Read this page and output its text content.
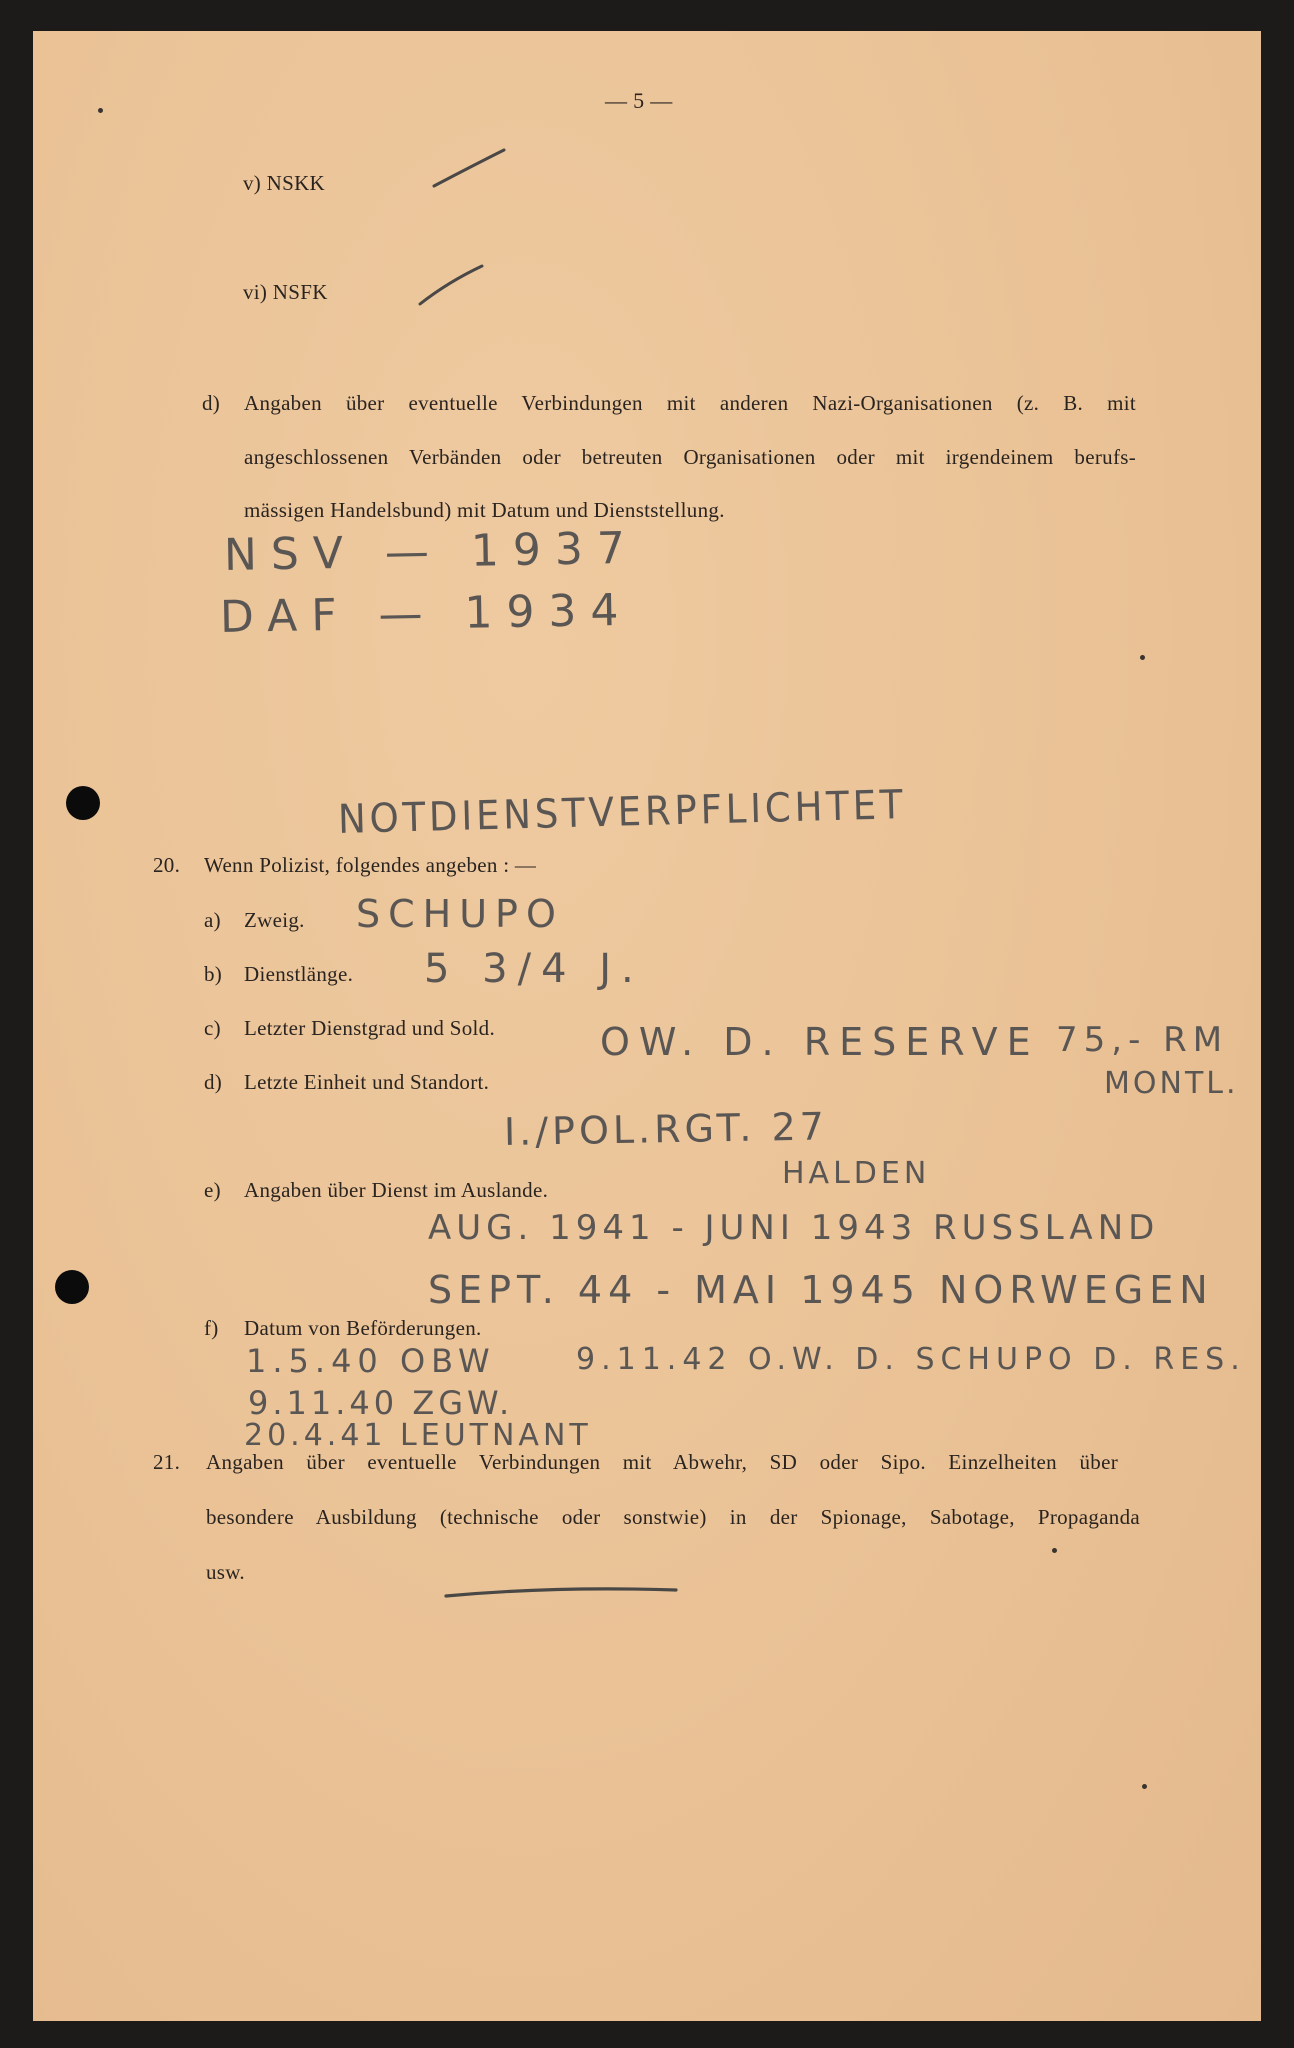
— 5 —
v) NSKK
vi) NSFK
d) Angaben über eventuelle Verbindungen mit anderen Nazi-Organisationen (z. B. mit
angeschlossenen Verbänden oder betreuten Organisationen oder mit irgendeinem berufs-
mässigen Handelsbund) mit Datum und Dienststellung.
NSV — 1937
DAF — 1934
NOTDIENSTVERPFLICHTET
20. Wenn Polizist, folgendes angeben : —
a) Zweig. SCHUPO
b) Dienstlänge. 5 3/4 J.
c) Letzter Dienstgrad und Sold.	OW. D. RESERVE 75,- RM
MONTL.
d) Letzte Einheit und Standort.
I./POL.RGT. 27
HALDEN
e) Angaben über Dienst im Auslande.
AUG. 1941 - JUNI 1943 RUSSLAND
SEPT. 44 - MAI 1945 NORWEGEN
f) Datum von Beförderungen.
1.5.40 OBW	9.11.42 O.W. D. SCHUPO D. RES.
9.11.40 ZGW.
20.4.41 LEUTNANT
21. Angaben über eventuelle Verbindungen mit Abwehr, SD oder Sipo. Einzelheiten über
besondere Ausbildung (technische oder sonstwie) in der Spionage, Sabotage, Propaganda
usw.
